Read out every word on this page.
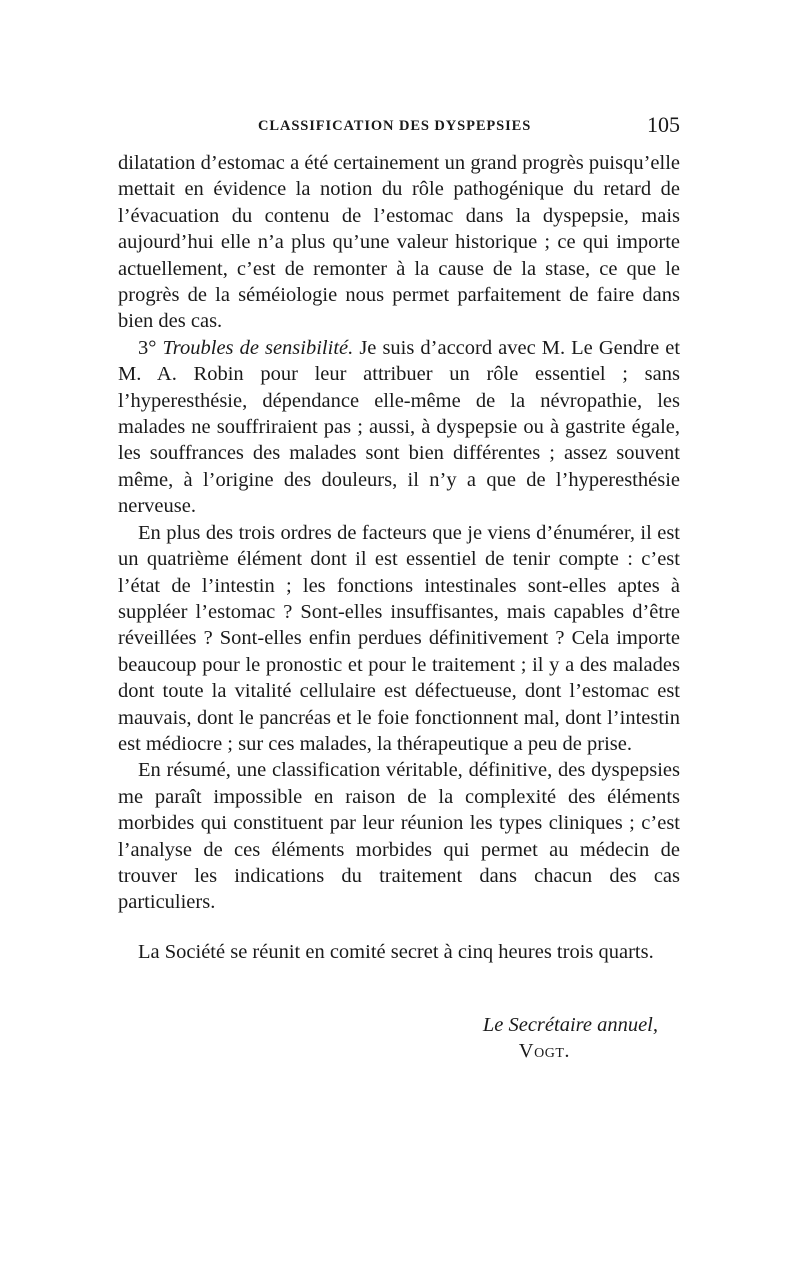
CLASSIFICATION DES DYSPEPSIES	105

dilatation d’estomac a été certainement un grand progrès puisqu’elle mettait en évidence la notion du rôle pathogénique du retard de l’évacuation du contenu de l’estomac dans la dyspepsie, mais aujourd’hui elle n’a plus qu’une valeur historique ; ce qui importe actuellement, c’est de remonter à la cause de la stase, ce que le progrès de la séméiologie nous permet parfaitement de faire dans bien des cas.

3° Troubles de sensibilité. Je suis d’accord avec M. Le Gendre et M. A. Robin pour leur attribuer un rôle essentiel ; sans l’hyperesthésie, dépendance elle-même de la névropathie, les malades ne souffriraient pas ; aussi, à dyspepsie ou à gastrite égale, les souffrances des malades sont bien différentes ; assez souvent même, à l’origine des douleurs, il n’y a que de l’hyperesthésie nerveuse.

En plus des trois ordres de facteurs que je viens d’énumérer, il est un quatrième élément dont il est essentiel de tenir compte : c’est l’état de l’intestin ; les fonctions intestinales sont-elles aptes à suppléer l’estomac ? Sont-elles insuffisantes, mais capables d’être réveillées ? Sont-elles enfin perdues définitivement ? Cela importe beaucoup pour le pronostic et pour le traitement ; il y a des malades dont toute la vitalité cellulaire est défectueuse, dont l’estomac est mauvais, dont le pancréas et le foie fonctionnent mal, dont l’intestin est médiocre ; sur ces malades, la thérapeutique a peu de prise.

En résumé, une classification véritable, définitive, des dyspepsies me paraît impossible en raison de la complexité des éléments morbides qui constituent par leur réunion les types cliniques ; c’est l’analyse de ces éléments morbides qui permet au médecin de trouver les indications du traitement dans chacun des cas particuliers.

La Société se réunit en comité secret à cinq heures trois quarts.

Le Secrétaire annuel,
Vogt.
